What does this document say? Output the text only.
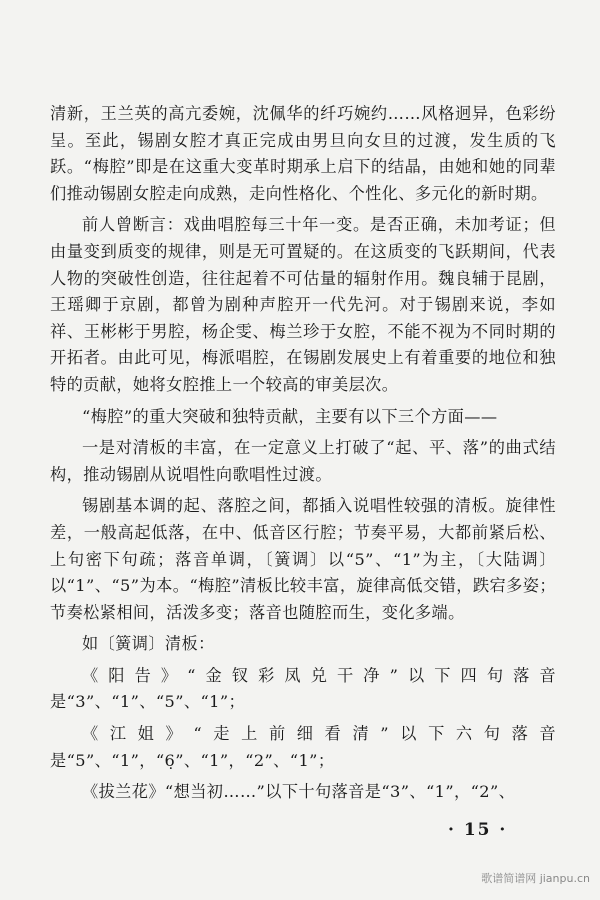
清新，王兰英的高亢委婉，沈佩华的纤巧婉约……风格迥异，色彩纷呈。至此，锡剧女腔才真正完成由男旦向女旦的过渡，发生质的飞跃。“梅腔”即是在这重大变革时期承上启下的结晶，由她和她的同辈们推动锡剧女腔走向成熟，走向性格化、个性化、多元化的新时期。

前人曾断言：戏曲唱腔每三十年一变。是否正确，未加考证；但由量变到质变的规律，则是无可置疑的。在这质变的飞跃期间，代表人物的突破性创造，往往起着不可估量的辐射作用。魏良辅于昆剧，王瑶卿于京剧，都曾为剧种声腔开一代先河。对于锡剧来说，李如祥、王彬彬于男腔，杨企雯、梅兰珍于女腔，不能不视为不同时期的开拓者。由此可见，梅派唱腔，在锡剧发展史上有着重要的地位和独特的贡献，她将女腔推上一个较高的审美层次。

“梅腔”的重大突破和独特贡献，主要有以下三个方面——

一是对清板的丰富，在一定意义上打破了“起、平、落”的曲式结构，推动锡剧从说唱性向歌唱性过渡。

锡剧基本调的起、落腔之间，都插入说唱性较强的清板。旋律性差，一般高起低落，在中、低音区行腔；节奏平易，大都前紧后松、上句密下句疏；落音单调，〔簧调〕以“5”、“1”为主，〔大陆调〕以“1”、“5”为本。“梅腔”清板比较丰富，旋律高低交错，跌宕多姿；节奏松紧相间，活泼多变；落音也随腔而生，变化多端。

如〔簧调〕清板：

《阳告》“金钗彩凤兑干净”以下四句落音是“3”、“1”、“5”、“1”；

《江姐》“走上前细看清”以下六句落音是“5”、“1”，“6̣”、“1”，“2”、“1”；

《拔兰花》“想当初……”以下十句落音是“3”、“1”，“2”、

· 15 ·
歌谱简谱网 jianpu.cn
